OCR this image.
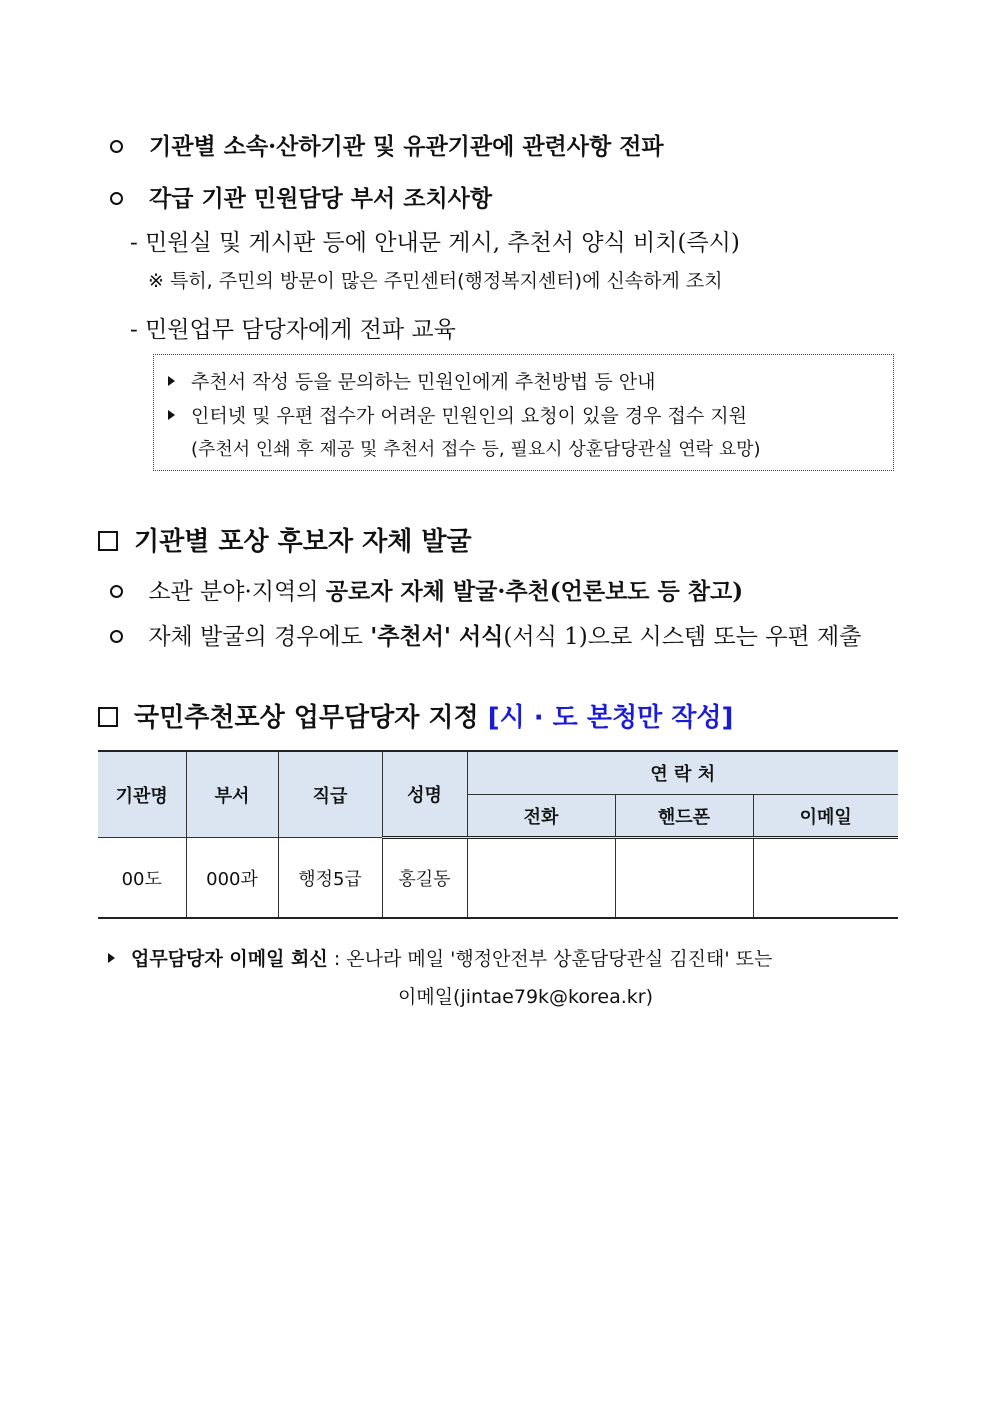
기관별 소속·산하기관 및 유관기관에 관련사항 전파
각급 기관 민원담당 부서 조치사항
- 민원실 및 게시판 등에 안내문 게시, 추천서 양식 비치(즉시)
※ 특히, 주민의 방문이 많은 주민센터(행정복지센터)에 신속하게 조치
- 민원업무 담당자에게 전파 교육
추천서 작성 등을 문의하는 민원인에게 추천방법 등 안내
인터넷 및 우편 접수가 어려운 민원인의 요청이 있을 경우 접수 지원
(추천서 인쇄 후 제공 및 추천서 접수 등, 필요시 상훈담당관실 연락 요망)
기관별 포상 후보자 자체 발굴
소관 분야·지역의 공로자 자체 발굴·추천(언론보도 등 참고)
자체 발굴의 경우에도 '추천서' 서식(서식 1)으로 시스템 또는 우편 제출
국민추천포상 업무담당자 지정 [시 · 도 본청만 작성]
기관명	부서	직급	성명	연 락 처		
				전화	핸드폰	이메일
00도	000과	행정5급	홍길동			
업무담당자 이메일 회신 : 온나라 메일 '행정안전부 상훈담당관실 김진태' 또는
이메일(jintae79k@korea.kr)
